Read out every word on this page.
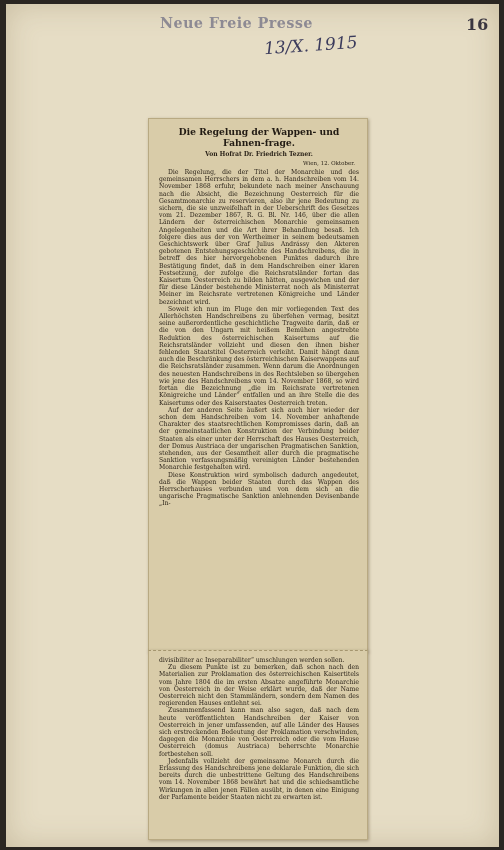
Neue Freie Presse	16
13/X. 1915
Die Regelung der Wappen- und Fahnen-frage.
Von Hofrat Dr. Friedrich Tezner.
Wien, 12. Oktober.

Die Regelung, die der Titel der Monarchie und des gemeinsamen Herrschers in dem a. h. Handschreiben vom 14. November 1868 erfuhr, bekundete nach meiner Anschauung nach die Absicht, die Bezeichnung Oesterreich für die Gesamtmonarchie zu reservieren, also ihr jene Bedeutung zu sichern, die sie unzweifelhaft in der Ueberschrift des Gesetzes vom 21. Dezember 1867, R. G. Bl. Nr. 146, über die allen Ländern der österreichischen Monarchie gemeinsamen Angelegenheiten und die Art ihrer Behandlung besaß. Ich folgere dies aus der von Wertheimer in seinem bedeutsamen Geschichtswerk über Graf Julius Andrássy den Akteren gebotenen Entstehungsgeschichte des Handschreibens, die in betreff des hier hervorgehobenen Punktes dadurch ihre Bestätigung findet, daß in dem Handschreiben einer klaren Festsetzung, der zufolge die Reichsratsländer fortan das Kaisertum Oesterreich zu bilden hätten, ausgewichen und der für diese Länder bestehende Ministerrat noch als Ministerrat Meiner im Reichsrate vertretenen Königreiche und Länder bezeichnet wird.

Soweit ich nun im Fluge den mir vorliegenden Text des Allerhöchsten Handschreibens zu überfehen vermag, besitzt seine außerordentliche geschichtliche Tragweite darin, daß er die von den Ungarn mit heißem Bemühen angestrebte Reduktion des österreichischen Kaisertums auf die Reichsratsländer vollzieht und diesen den ihnen bisher fehlenden Staatstitel Oesterreich verleiht. Damit hängt dann auch die Beschränkung des österreichischen Kaiserwappens auf die Reichsratsländer zusammen. Wenn darum die Anordnungen des neuesten Handschreibens in des Rechtsleben so übergehen wie jene des Handschreibens vom 14. November 1868, so wird fortan die Bezeichnung „die im Reichsrate vertretenen Königreiche und Länder“ entfallen und an ihre Stelle die des Kaisertums oder des Kaiserstaates Oesterreich treten.

Auf der anderen Seite äußert sich auch hier wieder der schon dem Handschreiben vom 14. November anhaftende Charakter des staatsrechtlichen Kompromisses darin, daß an der gemeinstaatlichen Konstruktion der Verbindung beider Staaten als einer unter der Herrschaft des Hauses Oesterreich, der Domus Austriaca der ungarischen Pragmatischen Sanktion, stehenden, aus der Gesamtheit aller durch die pragmatische Sanktion verfassungsmäßig vereinigten Länder bestehenden Monarchie festgehalten wird.

Diese Konstruktion wird symbolisch dadurch angedeutet, daß die Wappen beider Staaten durch das Wappen des Herrscherhauses verbunden und von dem sich an die ungarische Pragmatische Sanktion anlehnenden Devisenbande „In-

divisibiliter ac Inseparabiliter“ umschlungen werden sollen.

Zu diesem Punkte ist zu bemerken, daß schon nach den Materialien zur Proklamation des österreichischen Kaisertitels vom Jahre 1804 die im ersten Absatze angeführte Monarchie von Oesterreich in der Weise erklärt wurde, daß der Name Oesterreich nicht den Stammländern, sondern dem Namen des regierenden Hauses entlehnt sei.

Zusammenfassend kann man also sagen, daß nach dem heute veröffentlichten Handschreiben der Kaiser von Oesterreich in jener umfassenden, auf alle Länder des Hauses sich erstreckenden Bedeutung der Proklamation verschwinden, dagegen die Monarchie von Oesterreich oder die vom Hause Oesterreich (domus Austriaca) beherrschte Monarchie fortbestehen soll.

Jedenfalls vollzieht der gemeinsame Monarch durch die Erlassung des Handschreibens jene deklarale Funktion, die sich bereits durch die unbestrittene Geltung des Handschreibens vom 14. November 1868 bewährt hat und die schiedsamtliche Wirkungen in allen jenen Fällen ausübt, in denen eine Einigung der Parlamente beider Staaten nicht zu erwarten ist.
